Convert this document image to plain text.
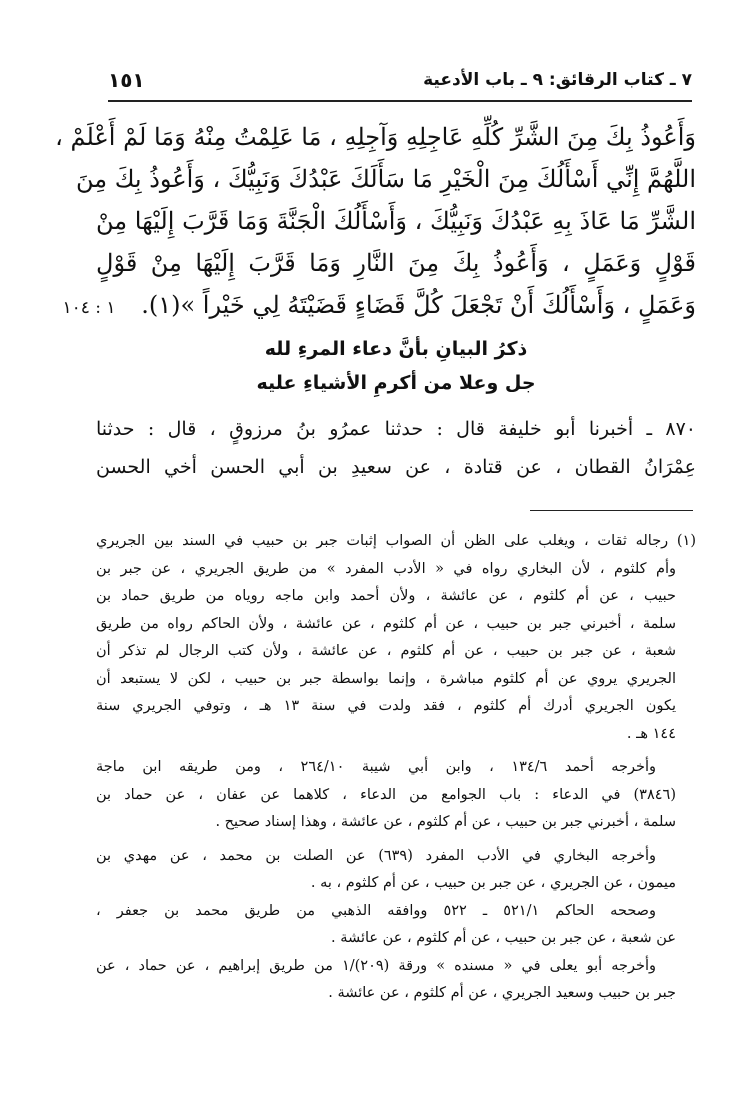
٧ ـ كتاب الرقائق: ٩ ـ باب الأدعية
١٥١
وَأَعُوذُ بِكَ مِنَ الشَّرِّ كُلِّهِ عَاجِلِهِ وَآجِلِهِ ، مَا عَلِمْتُ مِنْهُ وَمَا لَمْ أَعْلَمْ ،
اللَّهُمَّ إِنِّي أَسْأَلُكَ مِنَ الْخَيْرِ مَا سَأَلَكَ عَبْدُكَ وَنَبِيُّكَ ، وَأَعُوذُ بِكَ مِنَ
الشَّرِّ مَا عَاذَ بِهِ عَبْدُكَ وَنَبِيُّكَ ، وَأَسْأَلُكَ الْجَنَّةَ وَمَا قَرَّبَ إِلَيْهَا مِنْ
قَوْلٍ وَعَمَلٍ ، وَأَعُوذُ بِكَ مِنَ النَّارِ وَمَا قَرَّبَ إِلَيْهَا مِنْ قَوْلٍ
وَعَمَلٍ ، وَأَسْأَلُكَ أَنْ تَجْعَلَ كُلَّ قَضَاءٍ قَضَيْتَهُ لِي خَيْراً »(١). ١ : ١٠٤
ذكرُ البيانِ بأنَّ دعاء المرءِ لله
جل وعلا من أكرمِ الأشياءِ عليه
٨٧٠ ـ أخبرنا أبو خليفة قال : حدثنا عمرُو بنُ مرزوقٍ ، قال : حدثنا
عِمْرَانُ القطان ، عن قتادة ، عن سعيدِ بن أبي الحسن أخي الحسن
(١) رجاله ثقات ، ويغلب على الظن أن الصواب إثبات جبر بن حبيب في السند بين الجريري
وأم كلثوم ، لأن البخاري رواه في « الأدب المفرد » من طريق الجريري ، عن جبر بن
حبيب ، عن أم كلثوم ، عن عائشة ، ولأن أحمد وابن ماجه روياه من طريق حماد بن
سلمة ، أخبرني جبر بن حبيب ، عن أم كلثوم ، عن عائشة ، ولأن الحاكم رواه من طريق
شعبة ، عن جبر بن حبيب ، عن أم كلثوم ، عن عائشة ، ولأن كتب الرجال لم تذكر أن
الجريري يروي عن أم كلثوم مباشرة ، وإنما بواسطة جبر بن حبيب ، لكن لا يستبعد أن
يكون الجريري أدرك أم كلثوم ، فقد ولدت في سنة ١٣ هـ ، وتوفي الجريري سنة
١٤٤ هـ .
وأخرجه أحمد ١٣٤/٦ ، وابن أبي شيبة ٢٦٤/١٠ ، ومن طريقه ابن ماجة
(٣٨٤٦) في الدعاء : باب الجوامع من الدعاء ، كلاهما عن عفان ، عن حماد بن
سلمة ، أخبرني جبر بن حبيب ، عن أم كلثوم ، عن عائشة ، وهذا إسناد صحيح .
وأخرجه البخاري في الأدب المفرد (٦٣٩) عن الصلت بن محمد ، عن مهدي بن
ميمون ، عن الجريري ، عن جبر بن حبيب ، عن أم كلثوم ، به .
وصححه الحاكم ٥٢١/١ ـ ٥٢٢ ووافقه الذهبي من طريق محمد بن جعفر ،
عن شعبة ، عن جبر بن حبيب ، عن أم كلثوم ، عن عائشة .
وأخرجه أبو يعلى في « مسنده » ورقة (٢٠٩)/١ من طريق إبراهيم ، عن حماد ، عن
جبر بن حبيب وسعيد الجريري ، عن أم كلثوم ، عن عائشة .
